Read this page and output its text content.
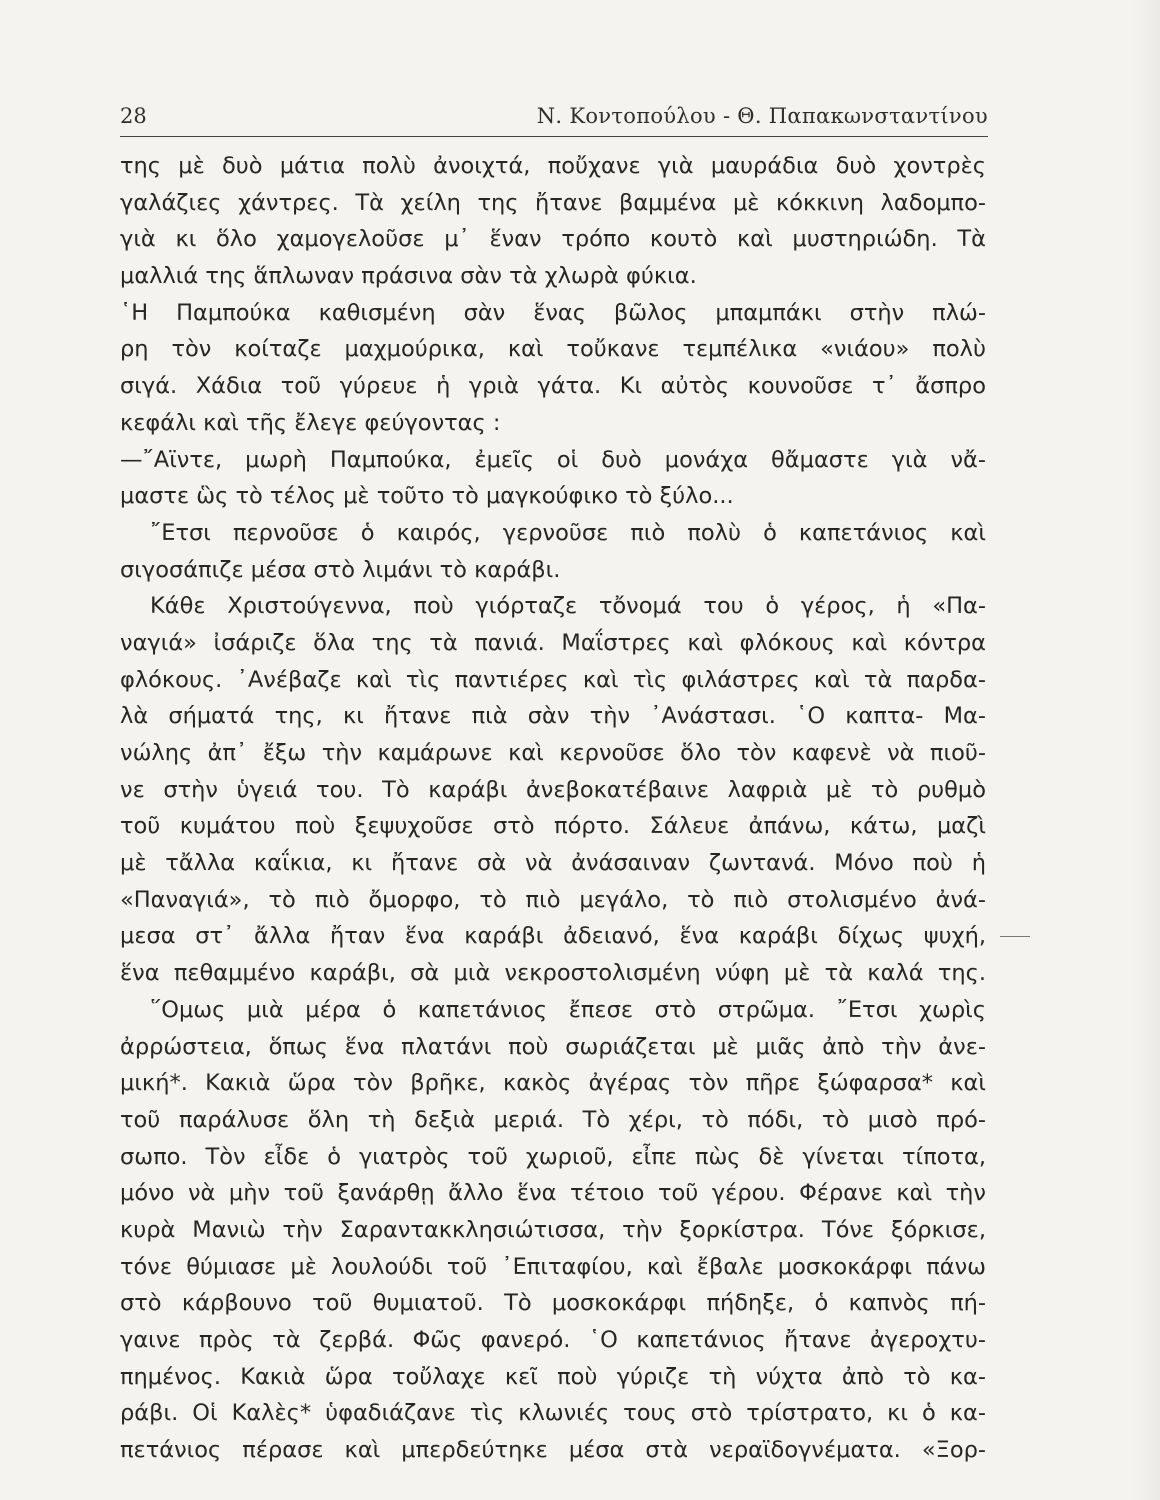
28	Ν. Κοντοπούλου - Θ. Παπακωνσταντίνου
της μὲ δυὸ μάτια πολὺ ἀνοιχτά, ποὔχανε γιὰ μαυράδια δυὸ χοντρὲς
γαλάζιες χάντρες. Τὰ χείλη της ἤτανε βαμμένα μὲ κόκκινη λαδομπο-
γιὰ κι ὅλο χαμογελοῦσε μ᾿ ἕναν τρόπο κουτὸ καὶ μυστηριώδη. Τὰ
μαλλιά της ἅπλωναν πράσινα σὰν τὰ χλωρὰ φύκια.
῾Η Παμπούκα καθισμένη σὰν ἕνας βῶλος μπαμπάκι στὴν πλώ-
ρη τὸν κοίταζε μαχμούρικα, καὶ τοὔκανε τεμπέλικα «νιάου» πολὺ
σιγά. Χάδια τοῦ γύρευε ἡ γριὰ γάτα. Κι αὐτὸς κουνοῦσε τ᾿ ἄσπρο
κεφάλι καὶ τῆς ἔλεγε φεύγοντας :
—῎Αϊντε, μωρὴ Παμπούκα, ἐμεῖς οἱ δυὸ μονάχα θἄμαστε γιὰ νἄ-
μαστε ὣς τὸ τέλος μὲ τοῦτο τὸ μαγκούφικο τὸ ξύλο...
῎Ετσι περνοῦσε ὁ καιρός, γερνοῦσε πιὸ πολὺ ὁ καπετάνιος καὶ
σιγοσάπιζε μέσα στὸ λιμάνι τὸ καράβι.
Κάθε Χριστούγεννα, ποὺ γιόρταζε τὄνομά του ὁ γέρος, ἡ «Πα-
ναγιά» ἰσάριζε ὅλα της τὰ πανιά. Μαΐστρες καὶ φλόκους καὶ κόντρα
φλόκους. ᾿Ανέβαζε καὶ τὶς παντιέρες καὶ τὶς φιλάστρες καὶ τὰ παρδα-
λὰ σήματά της, κι ἤτανε πιὰ σὰν τὴν ᾿Ανάστασι. ῾Ο καπτα- Μα-
νώλης ἀπ᾿ ἔξω τὴν καμάρωνε καὶ κερνοῦσε ὅλο τὸν καφενὲ νὰ πιοῦ-
νε στὴν ὑγειά του. Τὸ καράβι ἀνεβοκατέβαινε λαφριὰ μὲ τὸ ρυθμὸ
τοῦ κυμάτου ποὺ ξεψυχοῦσε στὸ πόρτο. Σάλευε ἀπάνω, κάτω, μαζὶ
μὲ τἄλλα καΐκια, κι ἤτανε σὰ νὰ ἀνάσαιναν ζωντανά. Μόνο ποὺ ἡ
«Παναγιά», τὸ πιὸ ὄμορφο, τὸ πιὸ μεγάλο, τὸ πιὸ στολισμένο ἀνά-
μεσα στ᾿ ἄλλα ἤταν ἕνα καράβι ἀδειανό, ἕνα καράβι δίχως ψυχή,
ἕνα πεθαμμένο καράβι, σὰ μιὰ νεκροστολισμένη νύφη μὲ τὰ καλά της.
῞Ομως μιὰ μέρα ὁ καπετάνιος ἔπεσε στὸ στρῶμα. ῎Ετσι χωρὶς
ἀρρώστεια, ὅπως ἕνα πλατάνι ποὺ σωριάζεται μὲ μιᾶς ἀπὸ τὴν ἀνε-
μική*. Κακιὰ ὥρα τὸν βρῆκε, κακὸς ἀγέρας τὸν πῆρε ξώφαρσα* καὶ
τοῦ παράλυσε ὅλη τὴ δεξιὰ μεριά. Τὸ χέρι, τὸ πόδι, τὸ μισὸ πρό-
σωπο. Τὸν εἶδε ὁ γιατρὸς τοῦ χωριοῦ, εἶπε πὼς δὲ γίνεται τίποτα,
μόνο νὰ μὴν τοῦ ξανάρθῃ ἄλλο ἕνα τέτοιο τοῦ γέρου. Φέρανε καὶ τὴν
κυρὰ Μανιὼ τὴν Σαραντακκλησιώτισσα, τὴν ξορκίστρα. Τόνε ξόρκισε,
τόνε θύμιασε μὲ λουλούδι τοῦ ᾿Επιταφίου, καὶ ἔβαλε μοσκοκάρφι πάνω
στὸ κάρβουνο τοῦ θυμιατοῦ. Τὸ μοσκοκάρφι πήδηξε, ὁ καπνὸς πή-
γαινε πρὸς τὰ ζερβά. Φῶς φανερό. ῾Ο καπετάνιος ἤτανε ἀγεροχτυ-
πημένος. Κακιὰ ὥρα τοὔλαχε κεῖ ποὺ γύριζε τὴ νύχτα ἀπὸ τὸ κα-
ράβι. Οἱ Καλὲς* ὑφαδιάζανε τὶς κλωνιές τους στὸ τρίστρατο, κι ὁ κα-
πετάνιος πέρασε καὶ μπερδεύτηκε μέσα στὰ νεραϊδογνέματα. «Ξορ-
